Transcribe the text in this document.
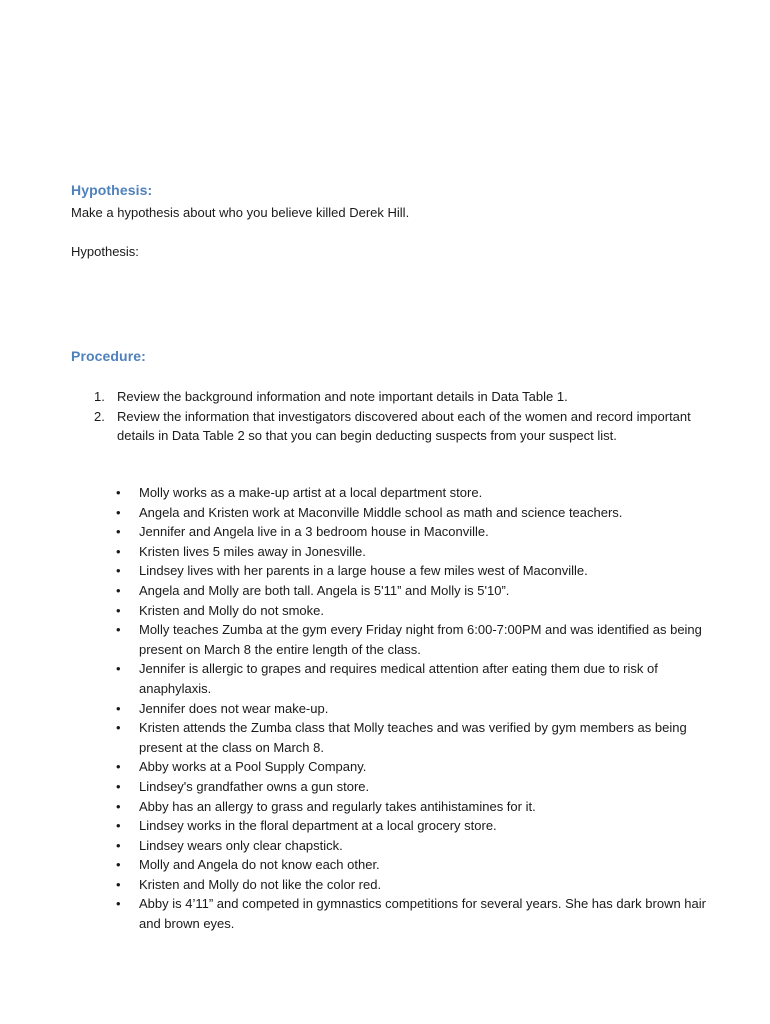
Hypothesis:

Make a hypothesis about who you believe killed Derek Hill.

Hypothesis:

Procedure:
1. Review the background information and note important details in Data Table 1.
2. Review the information that investigators discovered about each of the women and record important details in Data Table 2 so that you can begin deducting suspects from your suspect list.
• Molly works as a make-up artist at a local department store.
• Angela and Kristen work at Maconville Middle school as math and science teachers.
• Jennifer and Angela live in a 3 bedroom house in Maconville.
• Kristen lives 5 miles away in Jonesville.
• Lindsey lives with her parents in a large house a few miles west of Maconville.
• Angela and Molly are both tall. Angela is 5'11” and Molly is 5'10”.
• Kristen and Molly do not smoke.
• Molly teaches Zumba at the gym every Friday night from 6:00-7:00PM and was identified as being present on March 8 the entire length of the class.
• Jennifer is allergic to grapes and requires medical attention after eating them due to risk of anaphylaxis.
• Jennifer does not wear make-up.
• Kristen attends the Zumba class that Molly teaches and was verified by gym members as being present at the class on March 8.
• Abby works at a Pool Supply Company.
• Lindsey's grandfather owns a gun store.
• Abby has an allergy to grass and regularly takes antihistamines for it.
• Lindsey works in the floral department at a local grocery store.
• Lindsey wears only clear chapstick.
• Molly and Angela do not know each other.
• Kristen and Molly do not like the color red.
• Abby is 4’11” and competed in gymnastics competitions for several years. She has dark brown hair and brown eyes.
